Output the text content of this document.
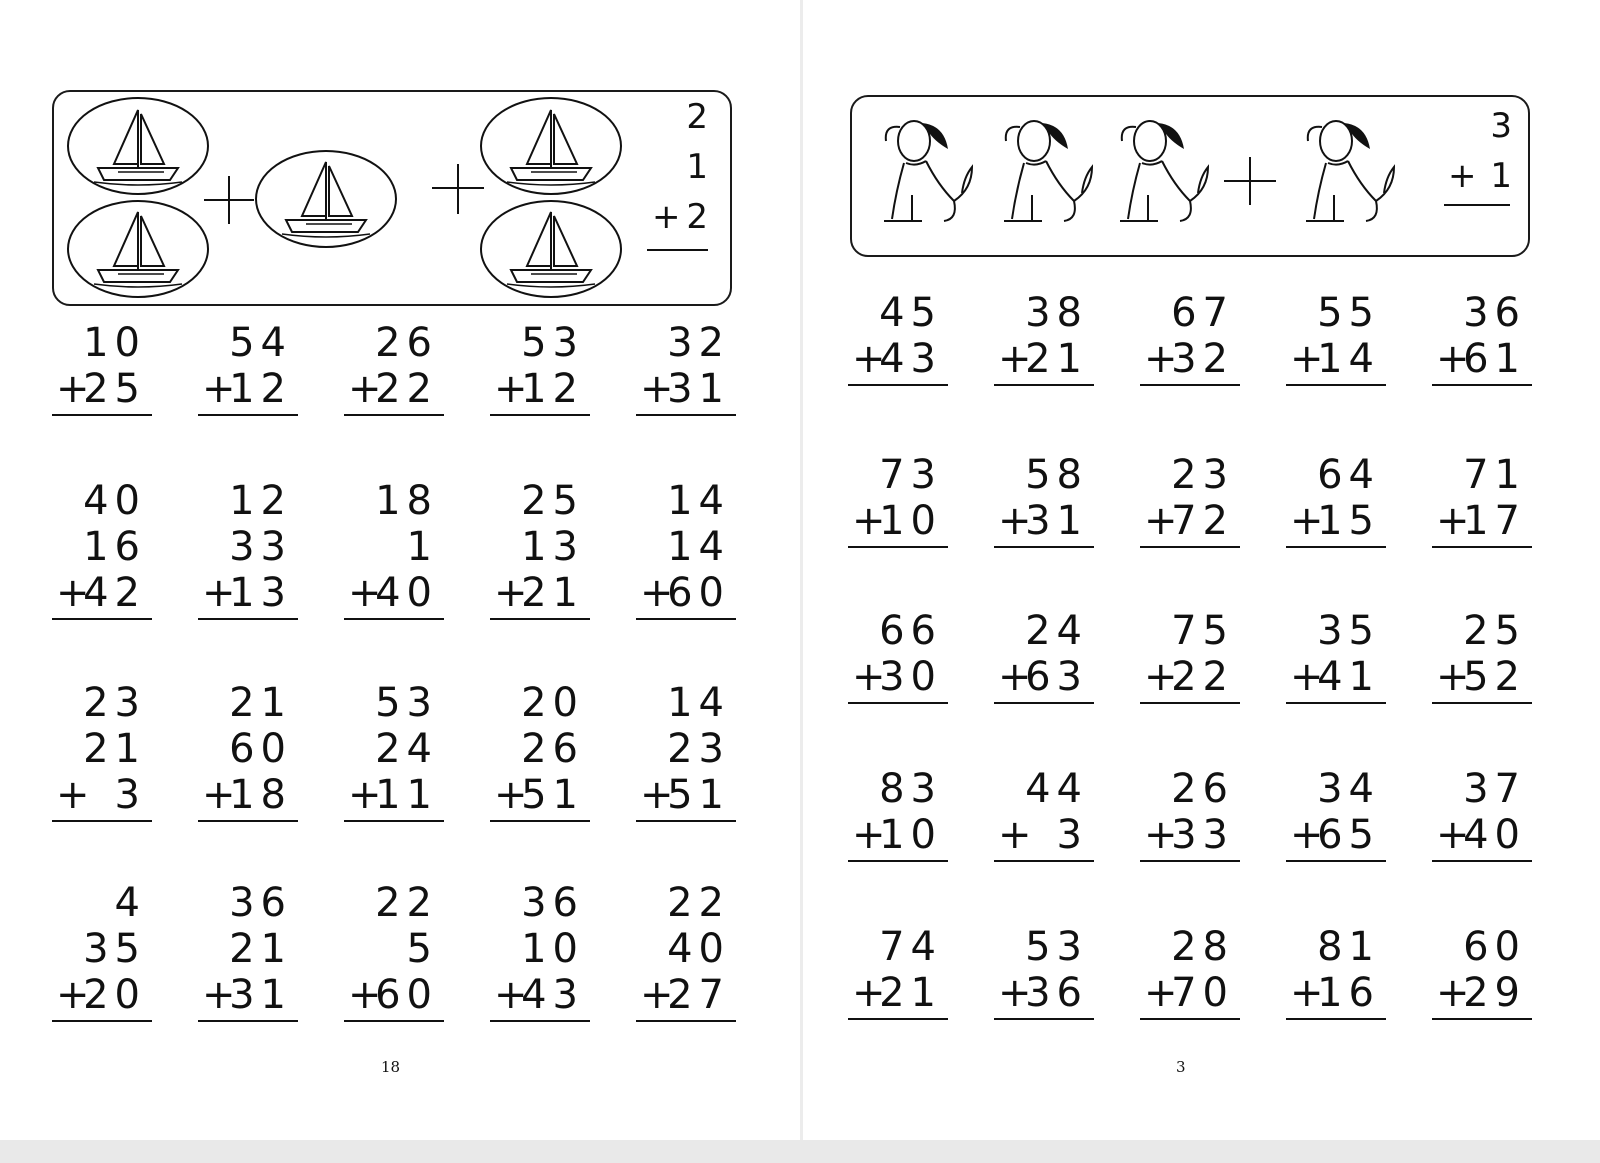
2
1
+ 2
3
+ 1
10
+
25
54
+
12
26
+
22
53
+
12
32
+
31
40
16
+
42
12
33
+
13
18
1
+
40
25
13
+
21
14
14
+
60
23
21
+ 3
21
60
+
18
53
24
+
11
20
26
+
51
14
23
+
51
4
35
+
20
36
21
+
31
22
5
+
60
36
10
+
43
22
40
+
27
45
+
43
38
+
21
67
+
32
55
+
14
36
+
61
73
+
10
58
+
31
23
+
72
64
+
15
71
+
17
66
+
30
24
+
63
75
+
22
35
+
41
25
+
52
83
+
10
44
+ 3
26
+
33
34
+
65
37
+
40
74
+
21
53
+
36
28
+
70
81
+
16
60
+
29
18	3
